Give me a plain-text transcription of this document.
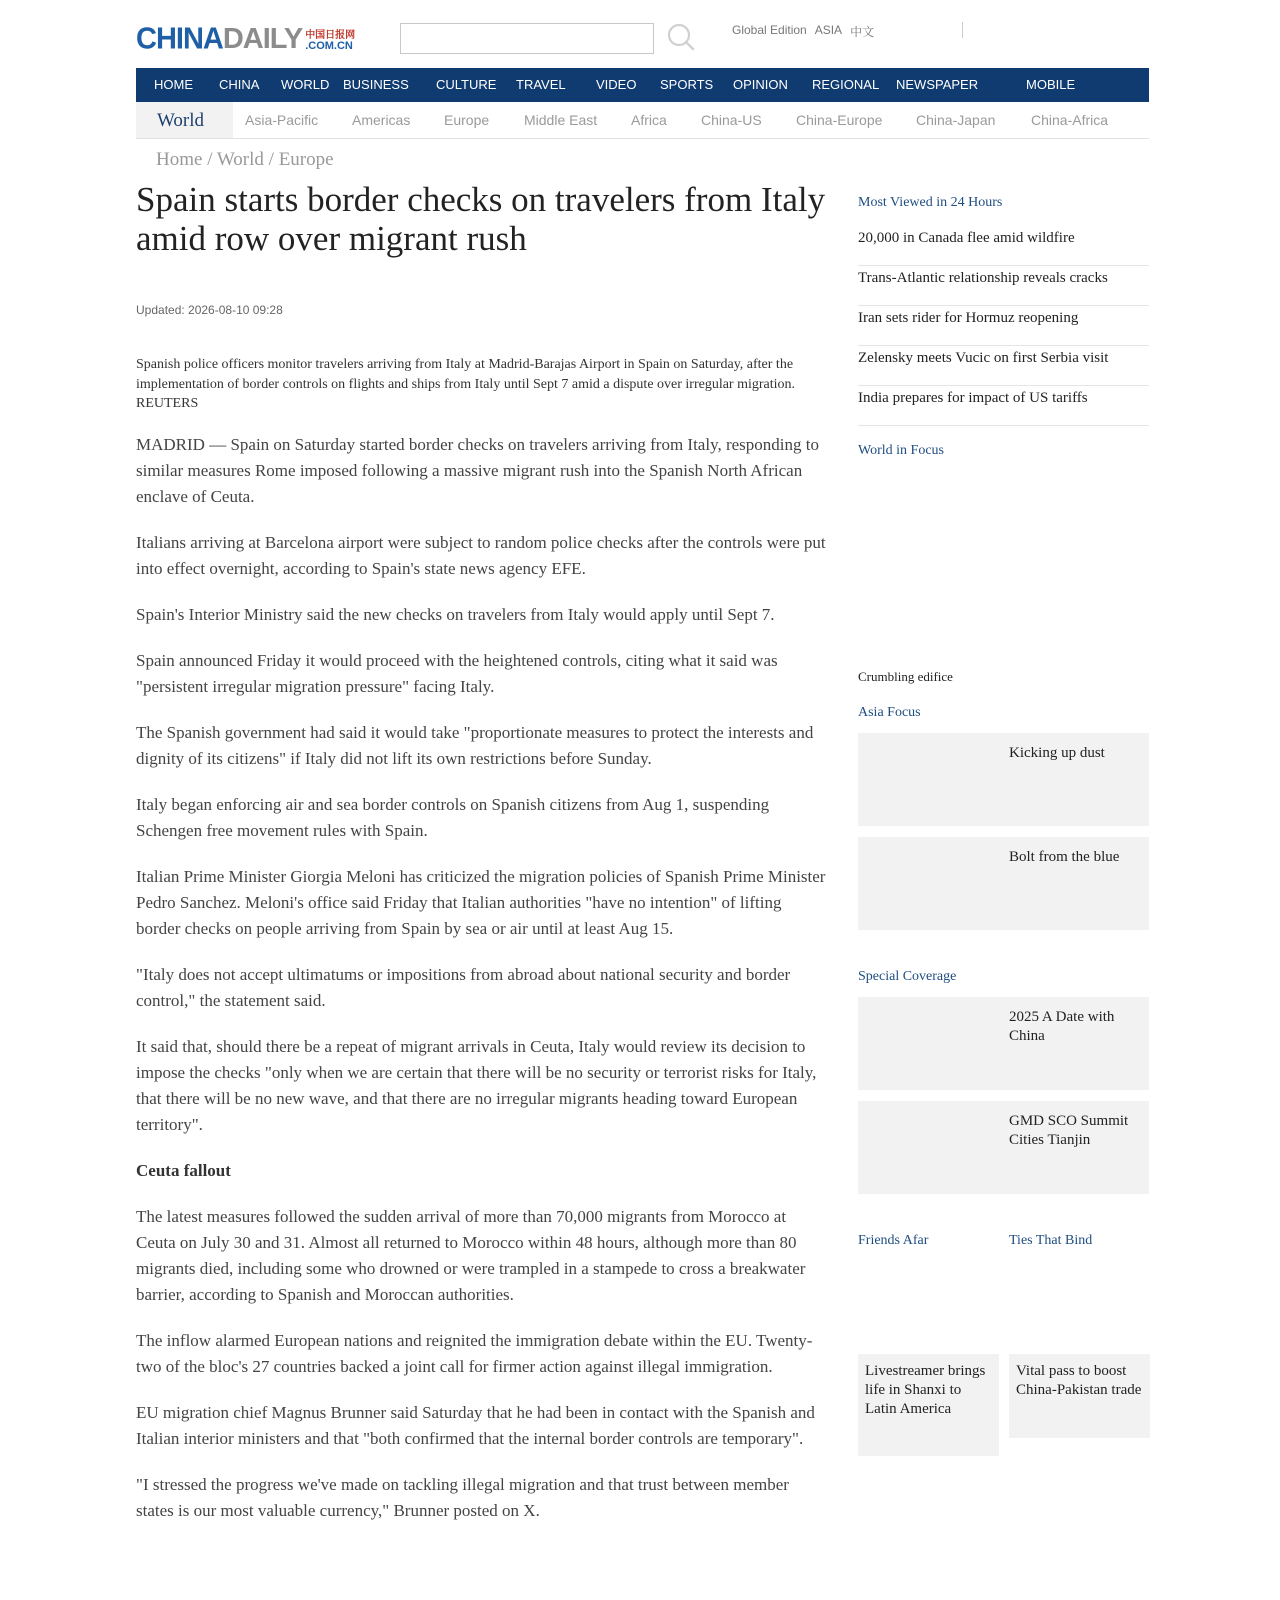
CHINA DAILY 中国日报网
.COM.CN
Global Edition ASIA 中文
HOME CHINA WORLD BUSINESS CULTURE TRAVEL VIDEO SPORTS OPINION REGIONAL NEWSPAPER	MOBILE
World	Asia-Pacific Americas Europe Middle East Africa China-US China-Europe China-Japan	China-Africa
Home / World / Europe
Spain starts border checks on travelers from Italy amid row over migrant rush
Updated: 2026-08-10 09:28
Spanish police officers monitor travelers arriving from Italy at Madrid-Barajas Airport in Spain on Saturday, after the implementation of border controls on flights and ships from Italy until Sept 7 amid a dispute over irregular migration. REUTERS

MADRID — Spain on Saturday started border checks on travelers arriving from Italy, responding to similar measures Rome imposed following a massive migrant rush into the Spanish North African enclave of Ceuta.

Italians arriving at Barcelona airport were subject to random police checks after the controls were put into effect overnight, according to Spain's state news agency EFE.

Spain's Interior Ministry said the new checks on travelers from Italy would apply until Sept 7.

Spain announced Friday it would proceed with the heightened controls, citing what it said was "persistent irregular migration pressure" facing Italy.

The Spanish government had said it would take "proportionate measures to protect the interests and dignity of its citizens" if Italy did not lift its own restrictions before Sunday.

Italy began enforcing air and sea border controls on Spanish citizens from Aug 1, suspending Schengen free movement rules with Spain.

Italian Prime Minister Giorgia Meloni has criticized the migration policies of Spanish Prime Minister Pedro Sanchez. Meloni's office said Friday that Italian authorities "have no intention" of lifting border checks on people arriving from Spain by sea or air until at least Aug 15.

"Italy does not accept ultimatums or impositions from abroad about national security and border control," the statement said.

It said that, should there be a repeat of migrant arrivals in Ceuta, Italy would review its decision to impose the checks "only when we are certain that there will be no security or terrorist risks for Italy, that there will be no new wave, and that there are no irregular migrants heading toward European territory".

Ceuta fallout

The latest measures followed the sudden arrival of more than 70,000 migrants from Morocco at Ceuta on July 30 and 31. Almost all returned to Morocco within 48 hours, although more than 80 migrants died, including some who drowned or were trampled in a stampede to cross a breakwater barrier, according to Spanish and Moroccan authorities.

The inflow alarmed European nations and reignited the immigration debate within the EU. Twenty-two of the bloc's 27 countries backed a joint call for firmer action against illegal immigration.

EU migration chief Magnus Brunner said Saturday that he had been in contact with the Spanish and Italian interior ministers and that "both confirmed that the internal border controls are temporary".

"I stressed the progress we've made on tackling illegal migration and that trust between member states is our most valuable currency," Brunner posted on X.

Most Viewed in 24 Hours
20,000 in Canada flee amid wildfire
Trans-Atlantic relationship reveals cracks
Iran sets rider for Hormuz reopening
Zelensky meets Vucic on first Serbia visit
India prepares for impact of US tariffs
World in Focus
Crumbling edifice
Asia Focus
Kicking up dust
Bolt from the blue
Special Coverage
2025 A Date with China
GMD SCO Summit Cities Tianjin
Friends Afar	Ties That Bind
Livestreamer brings life in Shanxi to Latin America
Vital pass to boost China-Pakistan trade
